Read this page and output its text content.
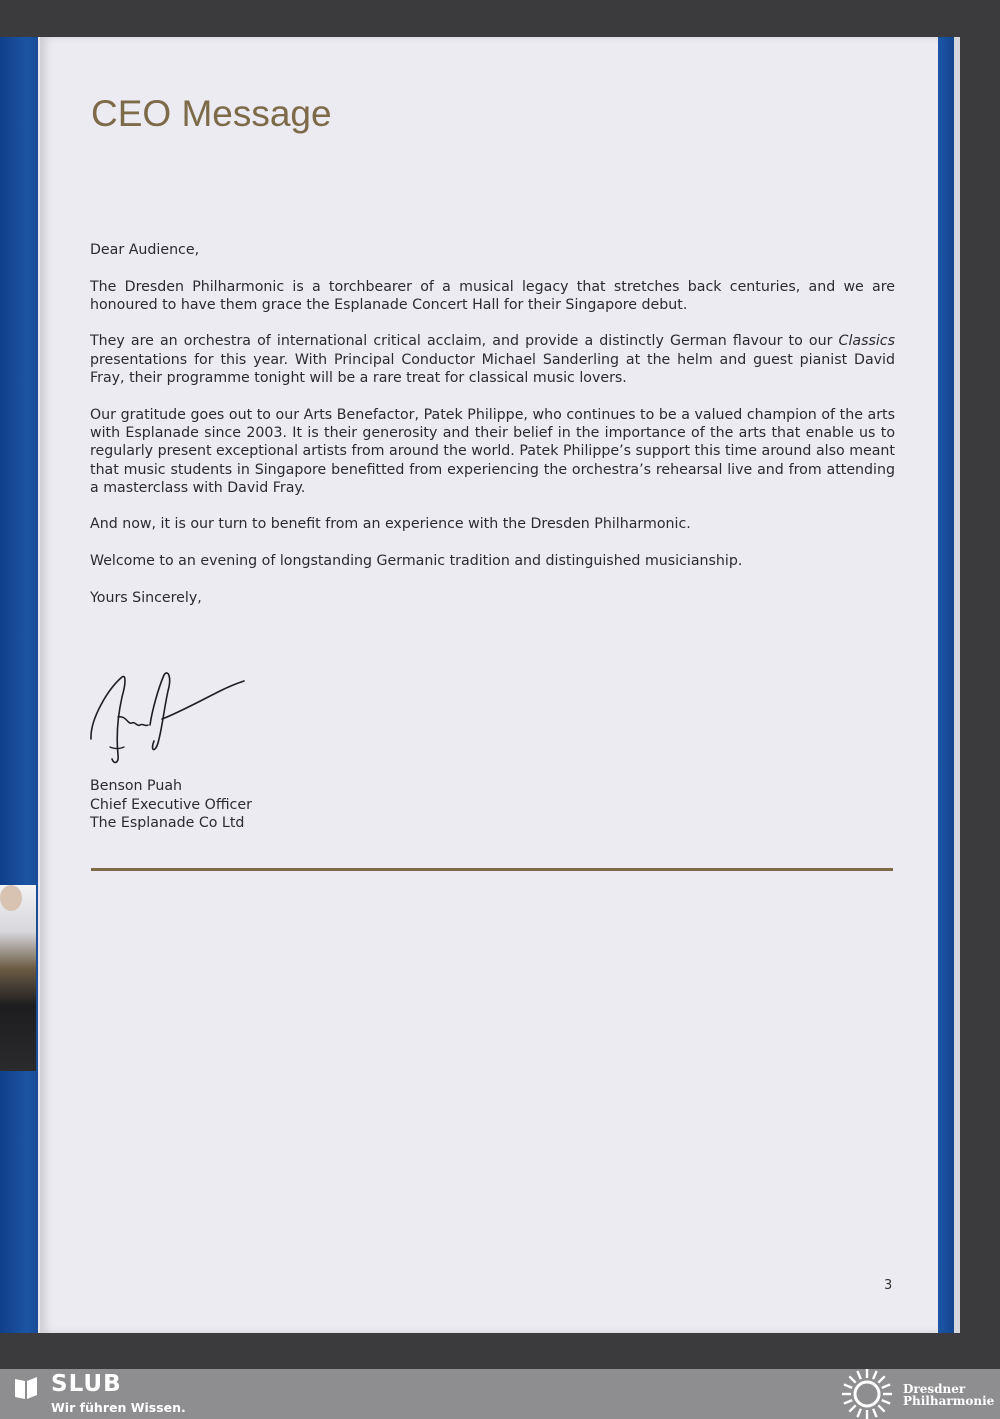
CEO Message

Dear Audience,

The Dresden Philharmonic is a torchbearer of a musical legacy that stretches back centuries, and we are honoured to have them grace the Esplanade Concert Hall for their Singapore debut.

They are an orchestra of international critical acclaim, and provide a distinctly German flavour to our Classics presentations for this year. With Principal Conductor Michael Sanderling at the helm and guest pianist David Fray, their programme tonight will be a rare treat for classical music lovers.

Our gratitude goes out to our Arts Benefactor, Patek Philippe, who continues to be a valued champion of the arts with Esplanade since 2003. It is their generosity and their belief in the importance of the arts that enable us to regularly present exceptional artists from around the world. Patek Philippe’s support this time around also meant that music students in Singapore benefitted from experiencing the orchestra’s rehearsal live and from attending a masterclass with David Fray.

And now, it is our turn to benefit from an experience with the Dresden Philharmonic.

Welcome to an evening of longstanding Germanic tradition and distinguished musicianship.

Yours Sincerely,

Benson Puah
Chief Executive Officer
The Esplanade Co Ltd
3
SLUB
Wir führen Wissen.
Dresdner
Philharmonie
